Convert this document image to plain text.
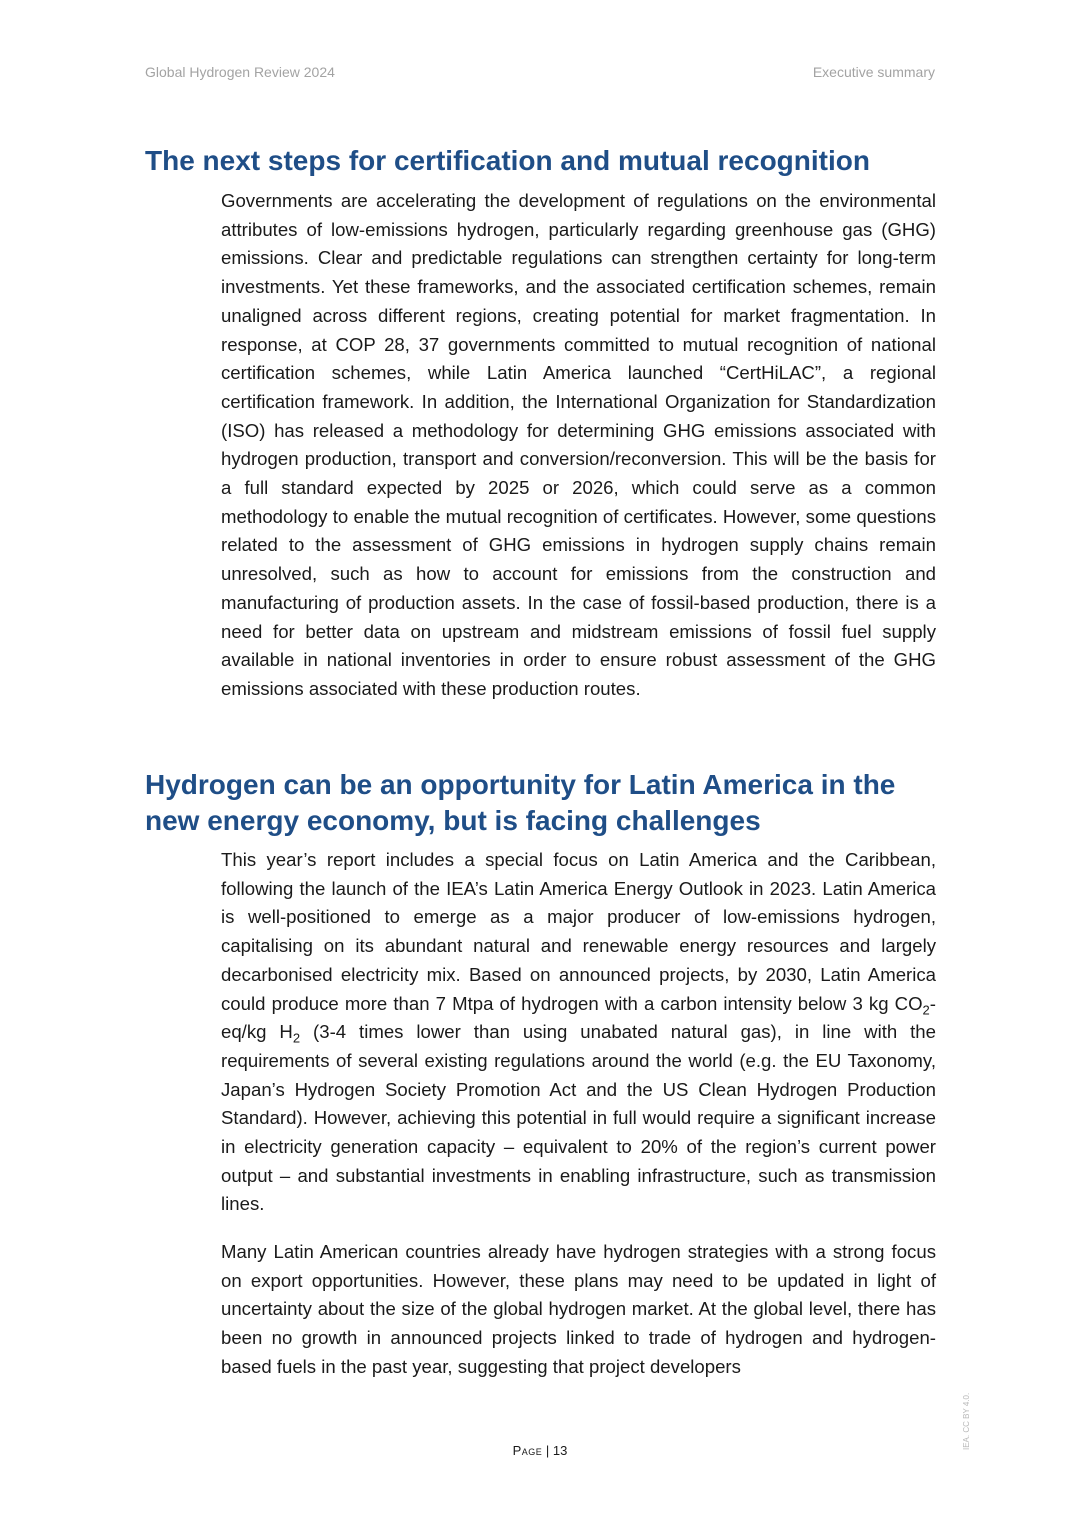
Global Hydrogen Review 2024	Executive summary
The next steps for certification and mutual recognition

Governments are accelerating the development of regulations on the environmental attributes of low-emissions hydrogen, particularly regarding greenhouse gas (GHG) emissions. Clear and predictable regulations can strengthen certainty for long-term investments. Yet these frameworks, and the associated certification schemes, remain unaligned across different regions, creating potential for market fragmentation. In response, at COP 28, 37 governments committed to mutual recognition of national certification schemes, while Latin America launched “CertHiLAC”, a regional certification framework. In addition, the International Organization for Standardization (ISO) has released a methodology for determining GHG emissions associated with hydrogen production, transport and conversion/reconversion. This will be the basis for a full standard expected by 2025 or 2026, which could serve as a common methodology to enable the mutual recognition of certificates. However, some questions related to the assessment of GHG emissions in hydrogen supply chains remain unresolved, such as how to account for emissions from the construction and manufacturing of production assets. In the case of fossil-based production, there is a need for better data on upstream and midstream emissions of fossil fuel supply available in national inventories in order to ensure robust assessment of the GHG emissions associated with these production routes.

Hydrogen can be an opportunity for Latin America in the new energy economy, but is facing challenges

This year’s report includes a special focus on Latin America and the Caribbean, following the launch of the IEA’s Latin America Energy Outlook in 2023. Latin America is well-positioned to emerge as a major producer of low-emissions hydrogen, capitalising on its abundant natural and renewable energy resources and largely decarbonised electricity mix. Based on announced projects, by 2030, Latin America could produce more than 7 Mtpa of hydrogen with a carbon intensity below 3 kg $CO_2-eq/kg$ $H_2$ (3-4 times lower than using unabated natural gas), in line with the requirements of several existing regulations around the world (e.g. the EU Taxonomy, Japan’s Hydrogen Society Promotion Act and the US Clean Hydrogen Production Standard). However, achieving this potential in full would require a significant increase in electricity generation capacity – equivalent to 20% of the region’s current power output – and substantial investments in enabling infrastructure, such as transmission lines.

Many Latin American countries already have hydrogen strategies with a strong focus on export opportunities. However, these plans may need to be updated in light of uncertainty about the size of the global hydrogen market. At the global level, there has been no growth in announced projects linked to trade of hydrogen and hydrogen-based fuels in the past year, suggesting that project developers

Page | 13
IEA. CC BY 4.0.
